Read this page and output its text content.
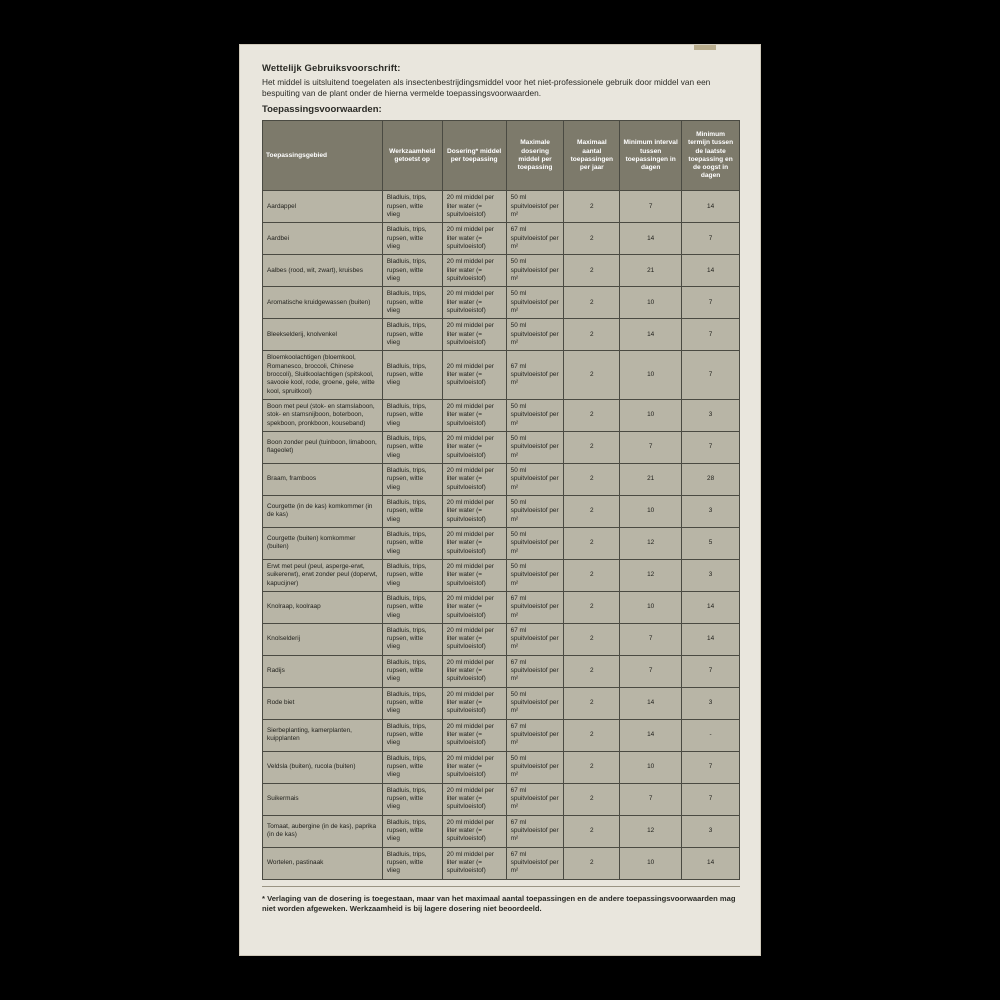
Wettelijk Gebruiksvoorschrift:
Het middel is uitsluitend toegelaten als insectenbestrijdingsmiddel voor het niet-professionele gebruik door middel van een bespuiting van de plant onder de hierna vermelde toepassingsvoorwaarden.
Toepassingsvoorwaarden:
Toepassingsgebied	Werkzaamheid getoetst op	Dosering* middel per toepassing	Maximale dosering middel per toepassing	Maximaal aantal toepassingen per jaar	Minimum interval tussen toepassingen in dagen	Minimum termijn tussen de laatste toepassing en de oogst in dagen
Aardappel	Bladluis, trips, rupsen, witte vlieg	20 ml middel per liter water (= spuitvloeistof)	50 ml spuitvloeistof per m²	2	7	14
Aardbei	Bladluis, trips, rupsen, witte vlieg	20 ml middel per liter water (= spuitvloeistof)	67 ml spuitvloeistof per m²	2	14	7
Aalbes (rood, wit, zwart), kruisbes	Bladluis, trips, rupsen, witte vlieg	20 ml middel per liter water (= spuitvloeistof)	50 ml spuitvloeistof per m²	2	21	14
Aromatische kruidgewassen (buiten)	Bladluis, trips, rupsen, witte vlieg	20 ml middel per liter water (= spuitvloeistof)	50 ml spuitvloeistof per m²	2	10	7
Bleekselderij, knolvenkel	Bladluis, trips, rupsen, witte vlieg	20 ml middel per liter water (= spuitvloeistof)	50 ml spuitvloeistof per m²	2	14	7
Bloemkoolachtigen (bloemkool, Romanesco, broccoli, Chinese broccoli), Sluitkoolachtigen (spitskool, savooie kool, rode, groene, gele, witte kool, spruitkool)	Bladluis, trips, rupsen, witte vlieg	20 ml middel per liter water (= spuitvloeistof)	67 ml spuitvloeistof per m²	2	10	7
Boon met peul (stok- en stamslaboon, stok- en stamsnijboon, boterboon, spekboon, pronkboon, kouseband)	Bladluis, trips, rupsen, witte vlieg	20 ml middel per liter water (= spuitvloeistof)	50 ml spuitvloeistof per m²	2	10	3
Boon zonder peul (tuinboon, limaboon, flageolet)	Bladluis, trips, rupsen, witte vlieg	20 ml middel per liter water (= spuitvloeistof)	50 ml spuitvloeistof per m²	2	7	7
Braam, framboos	Bladluis, trips, rupsen, witte vlieg	20 ml middel per liter water (= spuitvloeistof)	50 ml spuitvloeistof per m²	2	21	28
Courgette (in de kas) komkommer (in de kas)	Bladluis, trips, rupsen, witte vlieg	20 ml middel per liter water (= spuitvloeistof)	50 ml spuitvloeistof per m²	2	10	3
Courgette (buiten) komkommer (buiten)	Bladluis, trips, rupsen, witte vlieg	20 ml middel per liter water (= spuitvloeistof)	50 ml spuitvloeistof per m²	2	12	5
Erwt met peul (peul, asperge-erwt, suikererwt), erwt zonder peul (doperwt, kapucijner)	Bladluis, trips, rupsen, witte vlieg	20 ml middel per liter water (= spuitvloeistof)	50 ml spuitvloeistof per m²	2	12	3
Knolraap, koolraap	Bladluis, trips, rupsen, witte vlieg	20 ml middel per liter water (= spuitvloeistof)	67 ml spuitvloeistof per m²	2	10	14
Knolselderij	Bladluis, trips, rupsen, witte vlieg	20 ml middel per liter water (= spuitvloeistof)	67 ml spuitvloeistof per m²	2	7	14
Radijs	Bladluis, trips, rupsen, witte vlieg	20 ml middel per liter water (= spuitvloeistof)	67 ml spuitvloeistof per m²	2	7	7
Rode biet	Bladluis, trips, rupsen, witte vlieg	20 ml middel per liter water (= spuitvloeistof)	50 ml spuitvloeistof per m²	2	14	3
Sierbeplanting, kamerplanten, kuipplanten	Bladluis, trips, rupsen, witte vlieg	20 ml middel per liter water (= spuitvloeistof)	67 ml spuitvloeistof per m²	2	14	-
Veldsla (buiten), rucola (buiten)	Bladluis, trips, rupsen, witte vlieg	20 ml middel per liter water (= spuitvloeistof)	50 ml spuitvloeistof per m²	2	10	7
Suikermais	Bladluis, trips, rupsen, witte vlieg	20 ml middel per liter water (= spuitvloeistof)	67 ml spuitvloeistof per m²	2	7	7
Tomaat, aubergine (in de kas), paprika (in de kas)	Bladluis, trips, rupsen, witte vlieg	20 ml middel per liter water (= spuitvloeistof)	67 ml spuitvloeistof per m²	2	12	3
Wortelen, pastinaak	Bladluis, trips, rupsen, witte vlieg	20 ml middel per liter water (= spuitvloeistof)	67 ml spuitvloeistof per m²	2	10	14
* Verlaging van de dosering is toegestaan, maar van het maximaal aantal toepassingen en de andere toepassingsvoorwaarden mag niet worden afgeweken. Werkzaamheid is bij lagere dosering niet beoordeeld.
